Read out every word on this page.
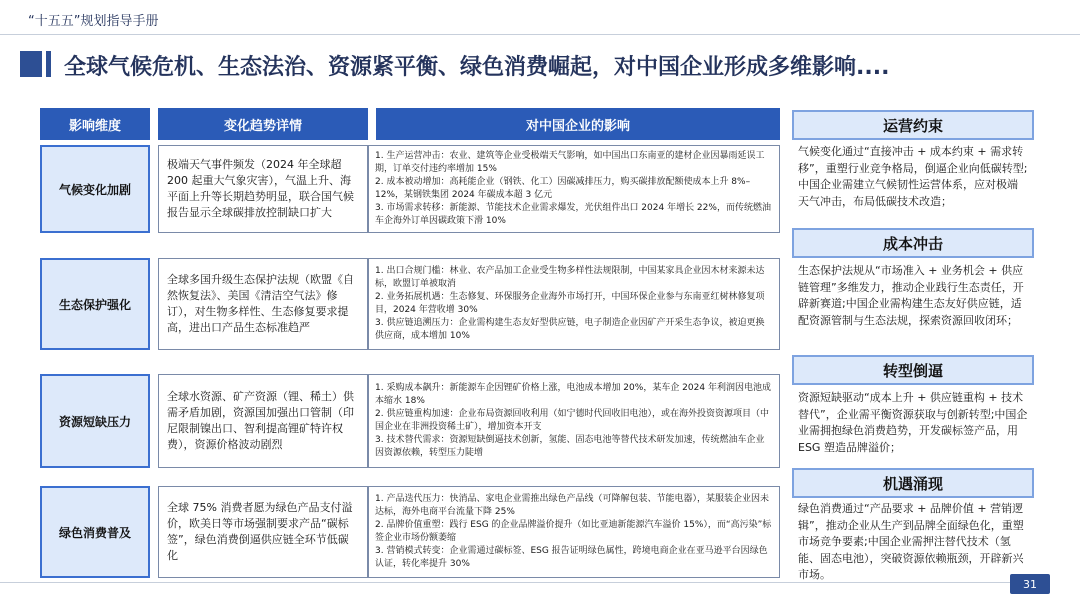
“十五五”规划指导手册
全球气候危机、生态法治、资源紧平衡、绿色消费崛起，对中国企业形成多维影响....
影响维度	变化趋势详情	对中国企业的影响
气候变化加剧
极端天气事件频发（2024 年全球超 200 起重大气象灾害），气温上升、海平面上升等长期趋势明显，联合国气候报告显示全球碳排放控制缺口扩大
1. 生产运营冲击：农业、建筑等企业受极端天气影响，如中国出口东南亚的建材企业因暴雨延误工期，订单交付违约率增加 15%
2. 成本被动增加：高耗能企业（钢铁、化工）因碳减排压力，购买碳排放配额使成本上升 8%–12%，某钢铁集团 2024 年碳成本超 3 亿元
3. 市场需求转移：新能源、节能技术企业需求爆发，光伏组件出口 2024 年增长 22%，而传统燃油车企海外订单因碳政策下滑 10%
生态保护强化
全球多国升级生态保护法规（欧盟《自然恢复法》、美国《清洁空气法》修订），对生物多样性、生态修复要求提高，进出口产品生态标准趋严
1. 出口合规门槛：林业、农产品加工企业受生物多样性法规限制，中国某家具企业因木材来源未达标，欧盟订单被取消
2. 业务拓展机遇：生态修复、环保服务企业海外市场打开，中国环保企业参与东南亚红树林修复项目，2024 年营收增 30%
3. 供应链追溯压力：企业需构建生态友好型供应链，电子制造企业因矿产开采生态争议，被迫更换供应商，成本增加 10%
资源短缺压力
全球水资源、矿产资源（锂、稀土）供需矛盾加剧，资源国加强出口管制（印尼限制镍出口、智利提高锂矿特许权费），资源价格波动剧烈
1. 采购成本飙升：新能源车企因锂矿价格上涨，电池成本增加 20%，某车企 2024 年利润因电池成本缩水 18%
2. 供应链重构加速：企业布局资源回收利用（如宁德时代回收旧电池），或在海外投资资源项目（中国企业在非洲投资稀土矿），增加资本开支
3. 技术替代需求：资源短缺倒逼技术创新，氢能、固态电池等替代技术研发加速，传统燃油车企业因资源依赖，转型压力陡增
绿色消费普及
全球 75% 消费者愿为绿色产品支付溢价，欧美日等市场强制要求产品“碳标签”，绿色消费倒逼供应链全环节低碳化
1. 产品迭代压力：快消品、家电企业需推出绿色产品线（可降解包装、节能电器），某服装企业因未达标，海外电商平台流量下降 25%
2. 品牌价值重塑：践行 ESG 的企业品牌溢价提升（如比亚迪新能源汽车溢价 15%），而“高污染”标签企业市场份额萎缩
3. 营销模式转变：企业需通过碳标签、ESG 报告证明绿色属性，跨境电商企业在亚马逊平台因绿色认证，转化率提升 30%
运营约束
气候变化通过“直接冲击 + 成本约束 + 需求转移”，重塑行业竞争格局，倒逼企业向低碳转型;中国企业需建立气候韧性运营体系，应对极端天气冲击，布局低碳技术改造；
成本冲击
生态保护法规从“市场准入 + 业务机会 + 供应链管理”多维发力，推动企业践行生态责任，开辟新赛道;中国企业需构建生态友好供应链，适配资源管制与生态法规，探索资源回收闭环；
转型倒逼
资源短缺驱动“成本上升 + 供应链重构 + 技术替代”，企业需平衡资源获取与创新转型;中国企业需拥抱绿色消费趋势，开发碳标签产品，用 ESG 塑造品牌溢价；
机遇涌现
绿色消费通过“产品要求 + 品牌价值 + 营销逻辑”，推动企业从生产到品牌全面绿色化，重塑市场竞争要素;中国企业需押注替代技术（氢能、固态电池），突破资源依赖瓶颈，开辟新兴市场。
31
